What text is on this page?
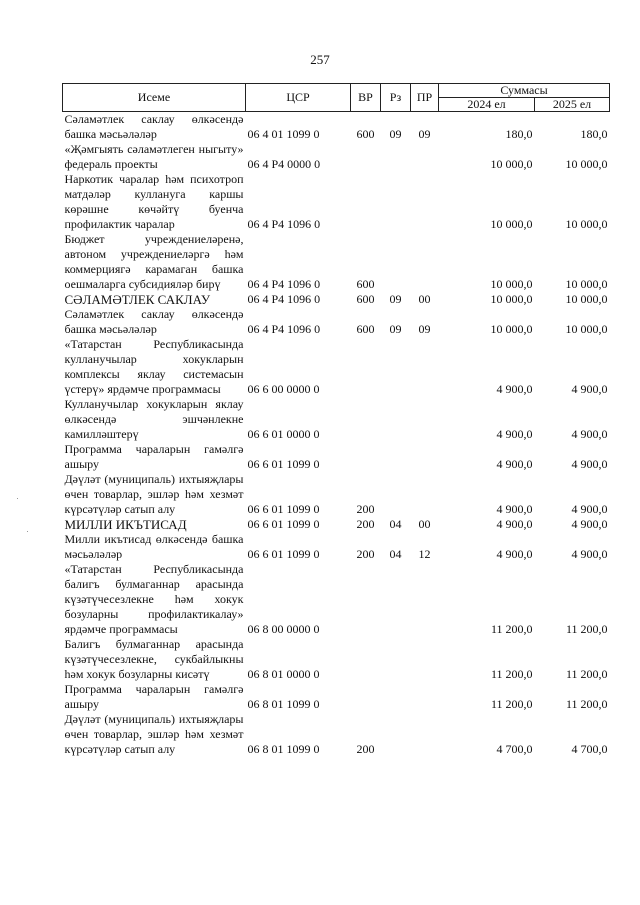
257
Исеме	ЦСР	ВР	Рз	ПР	Суммасы	
					2024 ел	2025 ел
Сәламәтлек саклау өлкәсендә башка мәсьәләләр	06 4 01 1099 0	600	09	09	180,0	180,0
«Җәмгыять сәламәтлеген ныгыту» федераль проекты	06 4 P4 0000 0				10 000,0	10 000,0
Наркотик чаралар һәм психотроп матдәләр куллануга каршы көрәшне көчәйтү буенча профилактик чаралар	06 4 P4 1096 0				10 000,0	10 000,0
Бюджет учреждениеләренә, автоном учреждениеләргә һәм коммерциягә карамаган башка оешмаларга субсидияләр бирү	06 4 P4 1096 0	600			10 000,0	10 000,0
СӘЛАМӘТЛЕК САКЛАУ	06 4 P4 1096 0	600	09	00	10 000,0	10 000,0
Сәламәтлек саклау өлкәсендә башка мәсьәләләр	06 4 P4 1096 0	600	09	09	10 000,0	10 000,0
«Татарстан Республикасында кулланучылар хокукларын комплексы яклау системасын үстерү» ярдәмче программасы	06 6 00 0000 0				4 900,0	4 900,0
Кулланучылар хокукларын яклау өлкәсендә эшчәнлекне камилләштерү	06 6 01 0000 0				4 900,0	4 900,0
Программа чараларын гамәлгә ашыру	06 6 01 1099 0				4 900,0	4 900,0
Дәүләт (муниципаль) ихтыяҗлары өчен товарлар, эшләр һәм хезмәт күрсәтүләр сатып алу	06 6 01 1099 0	200			4 900,0	4 900,0
МИЛЛИ ИКЪТИСАД	06 6 01 1099 0	200	04	00	4 900,0	4 900,0
Милли икътисад өлкәсендә башка мәсьәләләр	06 6 01 1099 0	200	04	12	4 900,0	4 900,0
«Татарстан Республикасында балигъ булмаганнар арасында күзәтүчесезлекне һәм хокук бозуларны профилактикалау» ярдәмче программасы	06 8 00 0000 0				11 200,0	11 200,0
Балигъ булмаганнар арасында күзәтүчесезлекне, сукбайлыкны һәм хокук бозуларны кисәтү	06 8 01 0000 0				11 200,0	11 200,0
Программа чараларын гамәлгә ашыру	06 8 01 1099 0				11 200,0	11 200,0
Дәүләт (муниципаль) ихтыяҗлары өчен товарлар, эшләр һәм хезмәт күрсәтүләр сатып алу	06 8 01 1099 0	200			4 700,0	4 700,0
